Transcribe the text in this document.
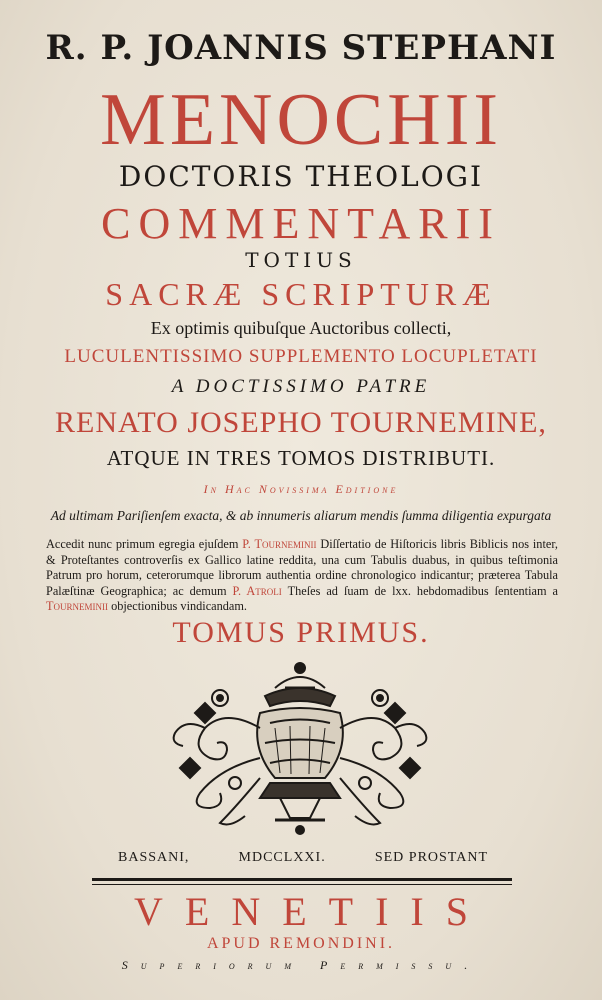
R. P. JOANNIS STEPHANI
MENOCHII
DOCTORIS THEOLOGI
COMMENTARII
TOTIUS
SACRÆ SCRIPTURÆ
Ex optimis quibuſque Auctoribus collecti,
LUCULENTISSIMO SUPPLEMENTO LOCUPLETATI
A DOCTISSIMO PATRE
RENATO JOSEPHO TOURNEMINE,
ATQUE IN TRES TOMOS DISTRIBUTI.
In Hac Novissima Editione
Ad ultimam Pariſienſem exacta, & ab innumeris aliarum mendis ſumma diligentia expurgata
Accedit nunc primum egregia ejuſdem P. Tourneminii Diſſertatio de Hiſtoricis libris Biblicis nos inter, & Proteſtantes controverſis ex Gallico latine reddita, una cum Tabulis duabus, in quibus teſtimonia Patrum pro horum, ceterorumque librorum authentia ordine chronologico indicantur; præterea Tabula Palæſtinæ Geographica; ac demum P. Atroli Theſes ad ſuam de lxx. hebdomadibus ſententiam a Tourneminii objectionibus vindicandam.
TOMUS PRIMUS.
BASSANI,	MDCCLXXI.	SED PROSTANT
VENETIIS
APUD REMONDINI.
Superiorum Permissu.
